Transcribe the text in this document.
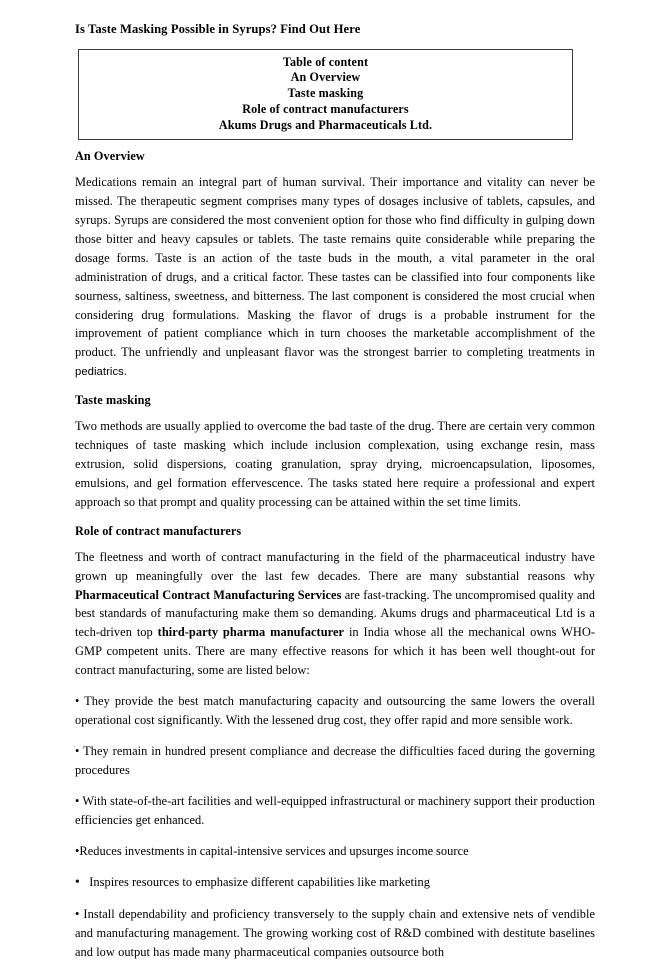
Is Taste Masking Possible in Syrups? Find Out Here
Table of content
An Overview
Taste masking
Role of contract manufacturers
Akums Drugs and Pharmaceuticals Ltd.
An Overview

Medications remain an integral part of human survival. Their importance and vitality can never be missed. The therapeutic segment comprises many types of dosages inclusive of tablets, capsules, and syrups. Syrups are considered the most convenient option for those who find difficulty in gulping down those bitter and heavy capsules or tablets. The taste remains quite considerable while preparing the dosage forms. Taste is an action of the taste buds in the mouth, a vital parameter in the oral administration of drugs, and a critical factor. These tastes can be classified into four components like sourness, saltiness, sweetness, and bitterness. The last component is considered the most crucial when considering drug formulations. Masking the flavor of drugs is a probable instrument for the improvement of patient compliance which in turn chooses the marketable accomplishment of the product. The unfriendly and unpleasant flavor was the strongest barrier to completing treatments in pediatrics.

Taste masking

Two methods are usually applied to overcome the bad taste of the drug. There are certain very common techniques of taste masking which include inclusion complexation, using exchange resin, mass extrusion, solid dispersions, coating granulation, spray drying, microencapsulation, liposomes, emulsions, and gel formation effervescence. The tasks stated here require a professional and expert approach so that prompt and quality processing can be attained within the set time limits.

Role of contract manufacturers

The fleetness and worth of contract manufacturing in the field of the pharmaceutical industry have grown up meaningfully over the last few decades. There are many substantial reasons why Pharmaceutical Contract Manufacturing Services are fast-tracking. The uncompromised quality and best standards of manufacturing make them so demanding. Akums drugs and pharmaceutical Ltd is a tech-driven top third-party pharma manufacturer in India whose all the mechanical owns WHO-GMP competent units. There are many effective reasons for which it has been well thought-out for contract manufacturing, some are listed below:

• They provide the best match manufacturing capacity and outsourcing the same lowers the overall operational cost significantly. With the lessened drug cost, they offer rapid and more sensible work.
• They remain in hundred present compliance and decrease the difficulties faced during the governing procedures
• With state-of-the-art facilities and well-equipped infrastructural or machinery support their production efficiencies get enhanced.
•Reduces investments in capital-intensive services and upsurges income source
• Inspires resources to emphasize different capabilities like marketing
• Install dependability and proficiency transversely to the supply chain and extensive nets of vendible and manufacturing management. The growing working cost of R&D combined with destitute baselines and low output has made many pharmaceutical companies outsource both
